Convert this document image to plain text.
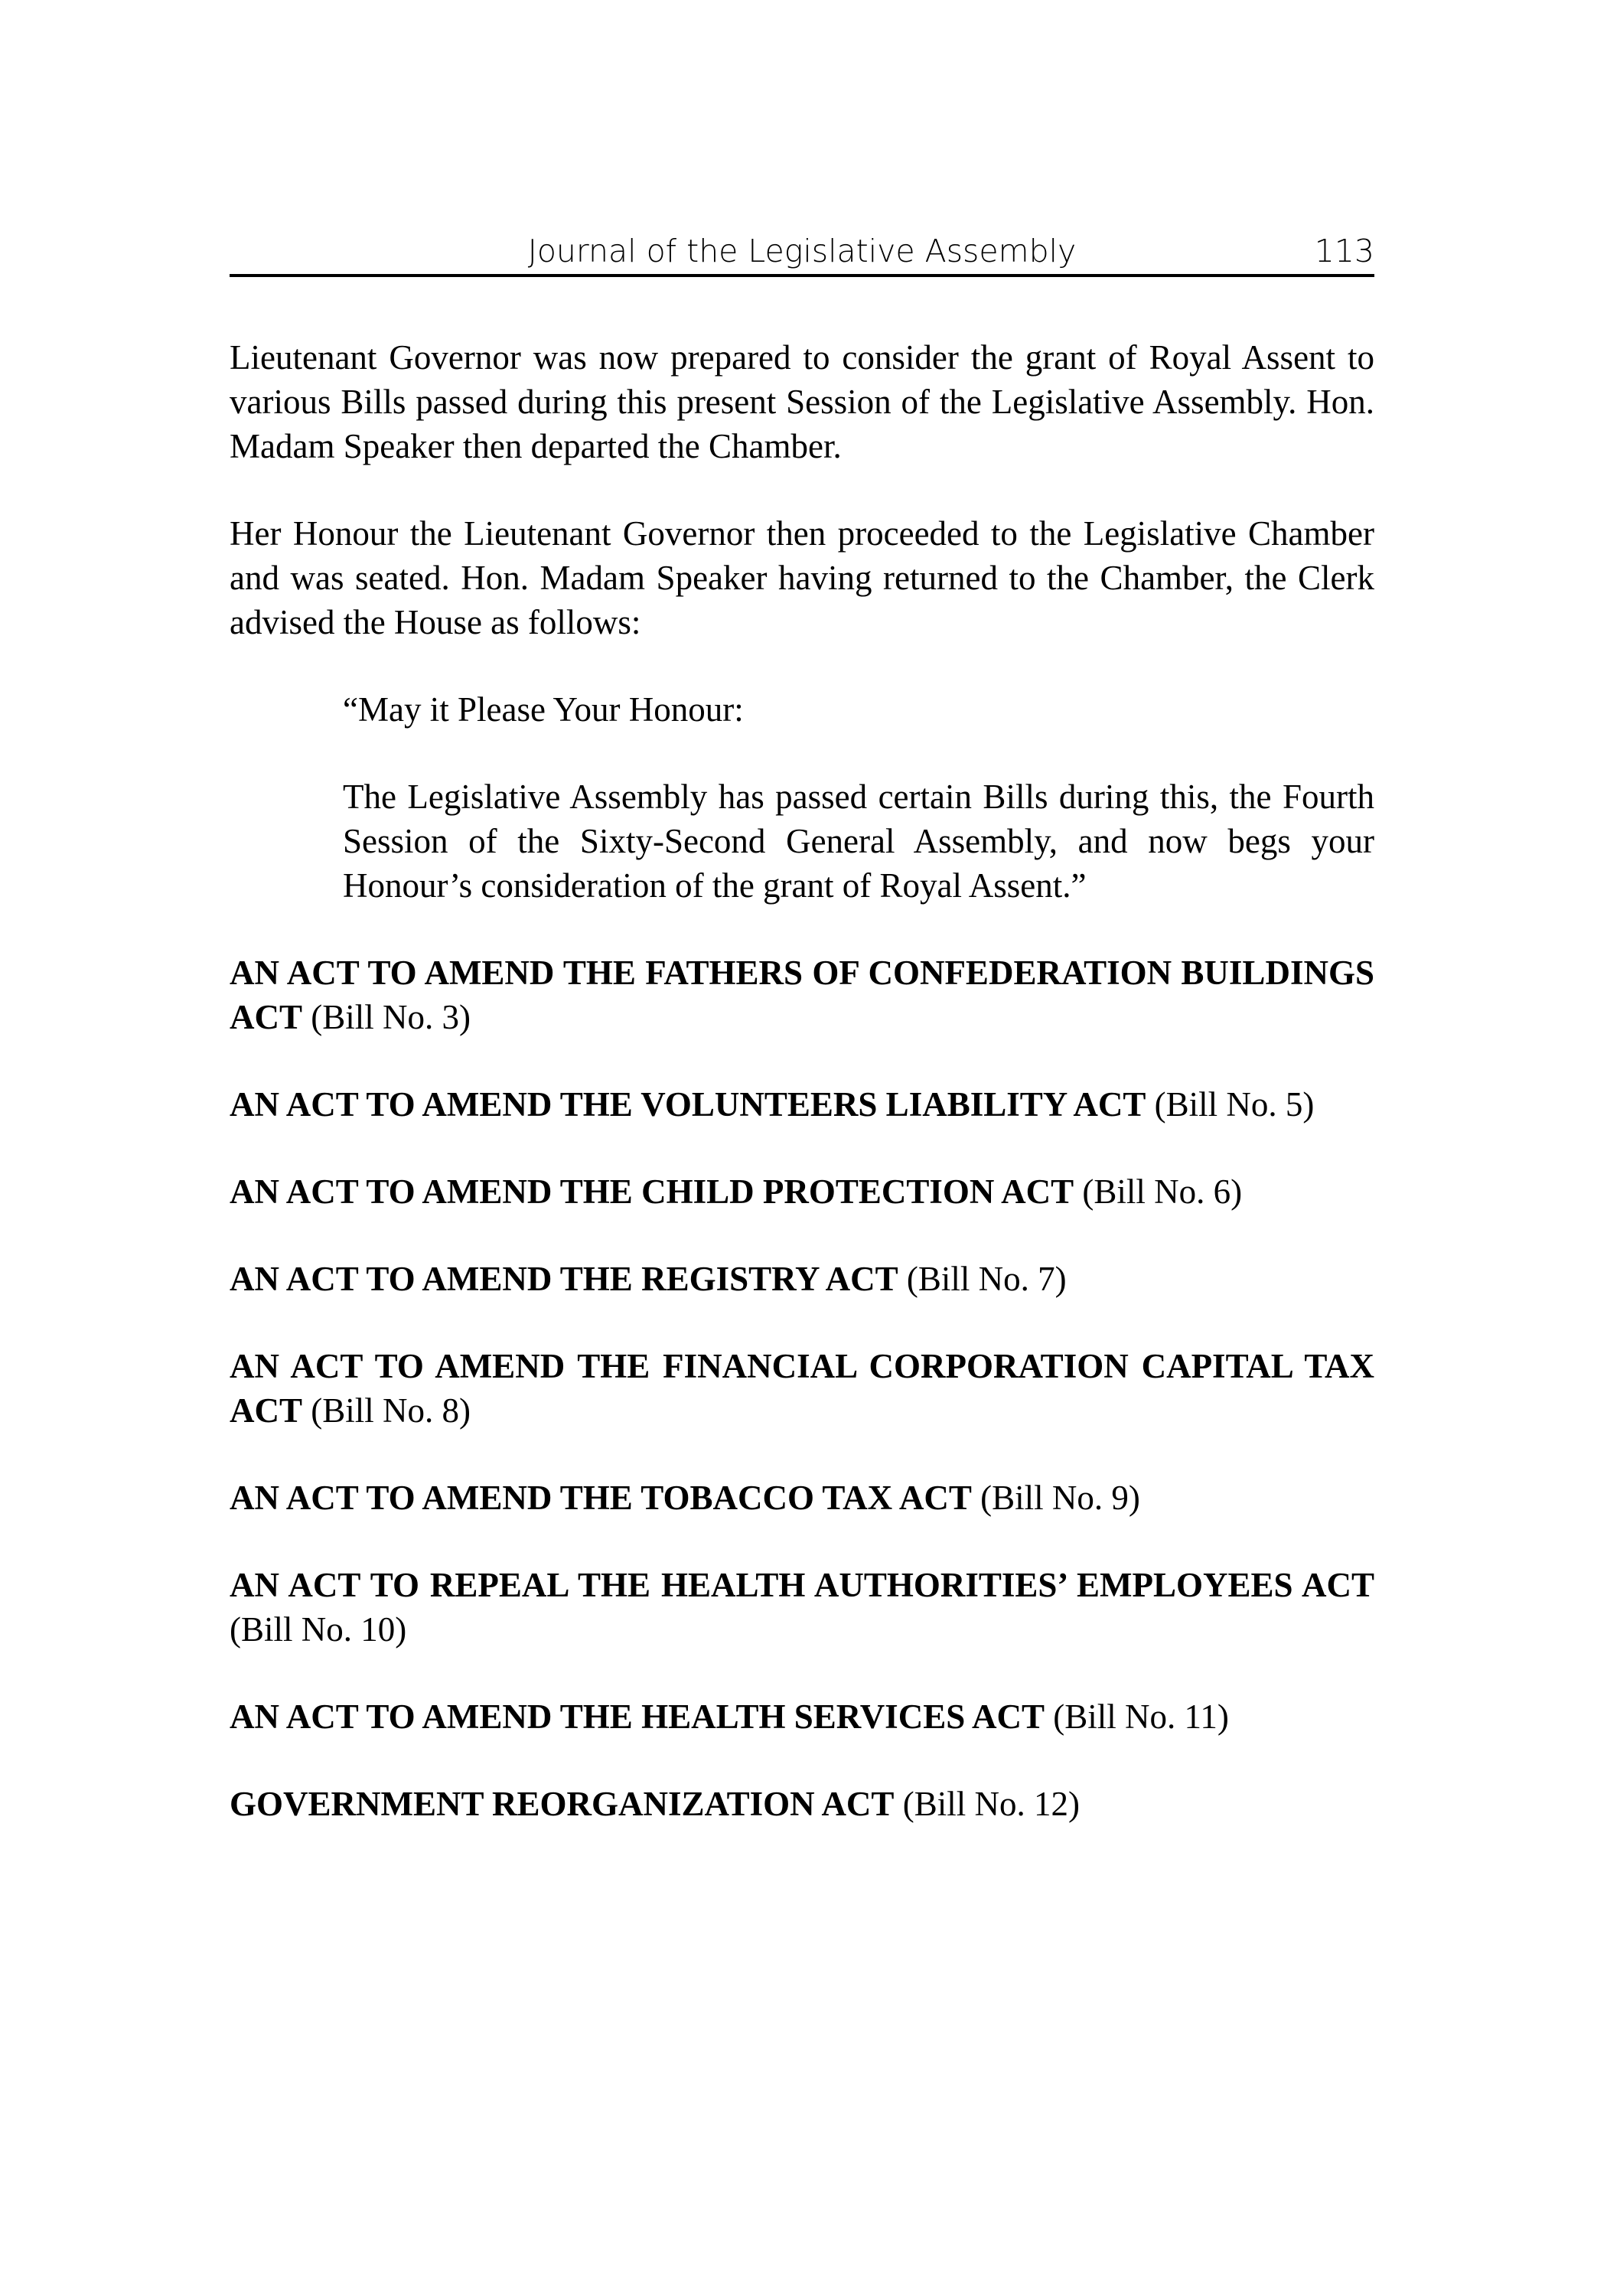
Journal of the Legislative Assembly	113

Lieutenant Governor was now prepared to consider the grant of Royal Assent to various Bills passed during this present Session of the Legislative Assembly. Hon. Madam Speaker then departed the Chamber.

Her Honour the Lieutenant Governor then proceeded to the Legislative Chamber and was seated. Hon. Madam Speaker having returned to the Chamber, the Clerk advised the House as follows:

“May it Please Your Honour:

The Legislative Assembly has passed certain Bills during this, the Fourth Session of the Sixty-Second General Assembly, and now begs your Honour’s consideration of the grant of Royal Assent.”

AN ACT TO AMEND THE FATHERS OF CONFEDERATION BUILDINGS ACT (Bill No. 3)

AN ACT TO AMEND THE VOLUNTEERS LIABILITY ACT (Bill No. 5)

AN ACT TO AMEND THE CHILD PROTECTION ACT (Bill No. 6)

AN ACT TO AMEND THE REGISTRY ACT (Bill No. 7)

AN ACT TO AMEND THE FINANCIAL CORPORATION CAPITAL TAX ACT (Bill No. 8)

AN ACT TO AMEND THE TOBACCO TAX ACT (Bill No. 9)

AN ACT TO REPEAL THE HEALTH AUTHORITIES’ EMPLOYEES ACT (Bill No. 10)

AN ACT TO AMEND THE HEALTH SERVICES ACT (Bill No. 11)

GOVERNMENT REORGANIZATION ACT (Bill No. 12)
